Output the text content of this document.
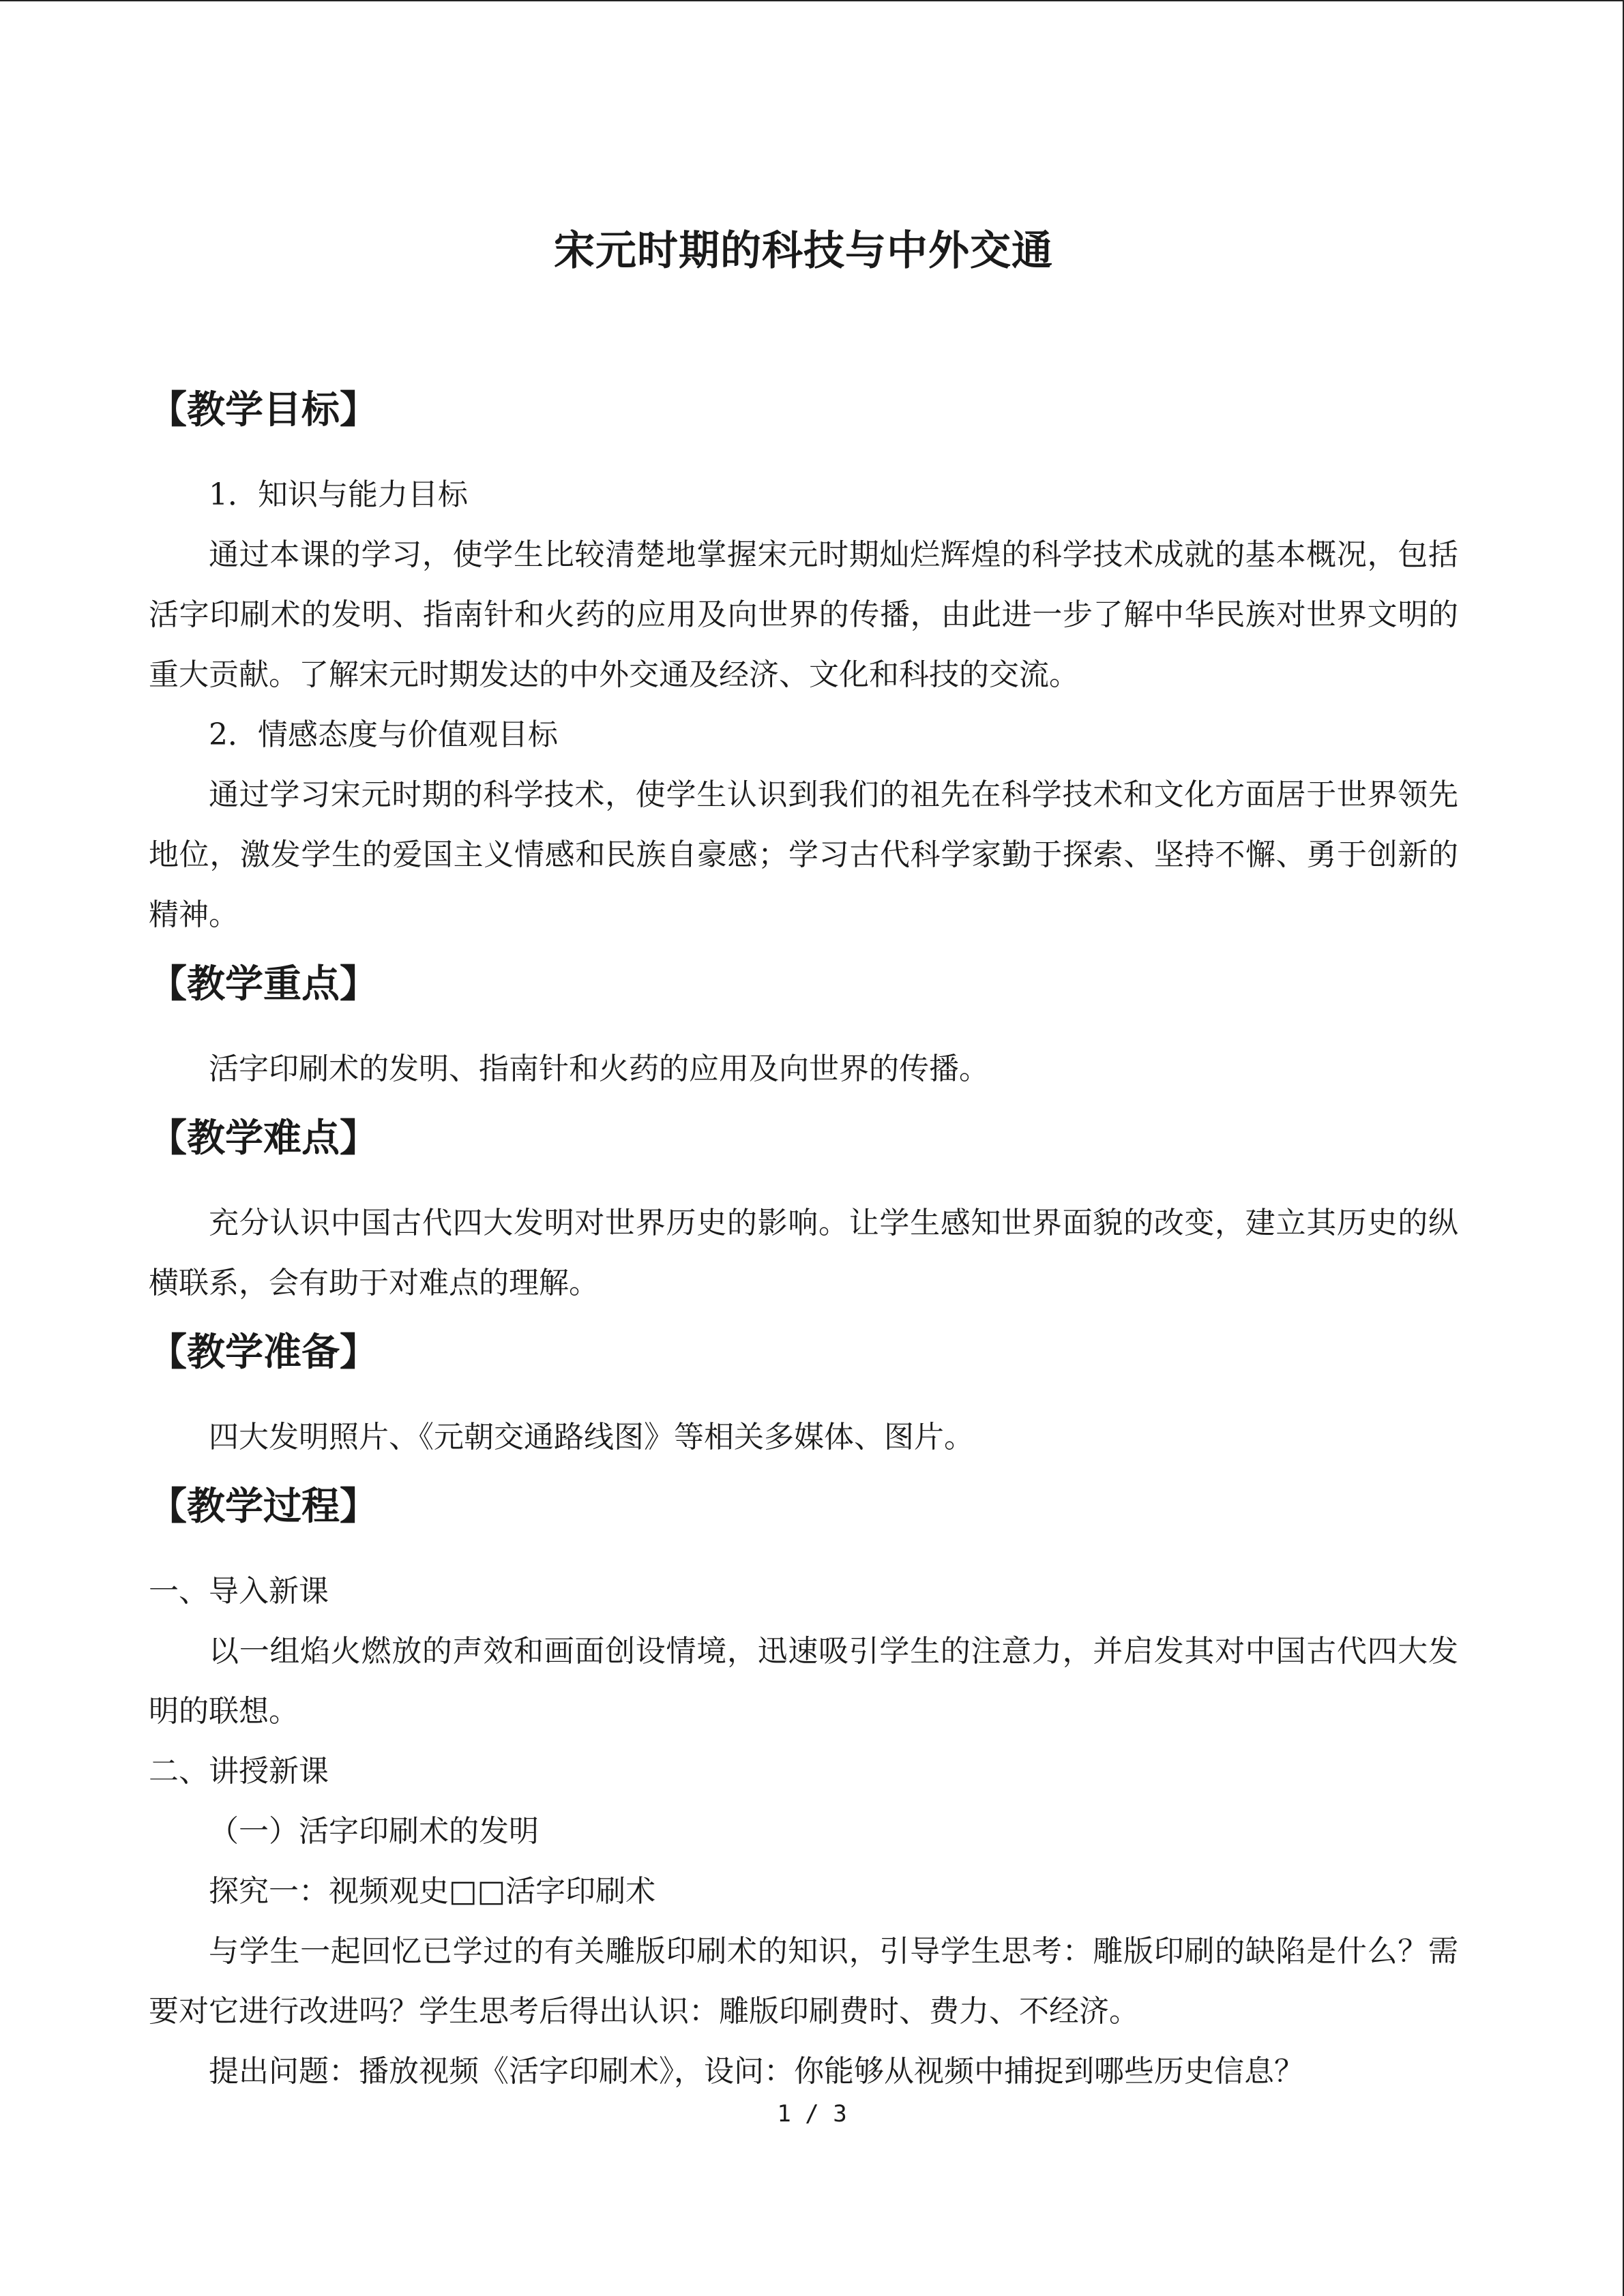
宋元时期的科技与中外交通
【教学目标】

1．知识与能力目标

通过本课的学习，使学生比较清楚地掌握宋元时期灿烂辉煌的科学技术成就的基本概况，包括活字印刷术的发明、指南针和火药的应用及向世界的传播，由此进一步了解中华民族对世界文明的重大贡献。了解宋元时期发达的中外交通及经济、文化和科技的交流。

2．情感态度与价值观目标

通过学习宋元时期的科学技术，使学生认识到我们的祖先在科学技术和文化方面居于世界领先地位，激发学生的爱国主义情感和民族自豪感；学习古代科学家勤于探索、坚持不懈、勇于创新的精神。

【教学重点】

活字印刷术的发明、指南针和火药的应用及向世界的传播。

【教学难点】

充分认识中国古代四大发明对世界历史的影响。让学生感知世界面貌的改变，建立其历史的纵横联系，会有助于对难点的理解。

【教学准备】

四大发明照片、《元朝交通路线图》等相关多媒体、图片。

【教学过程】

一、导入新课

以一组焰火燃放的声效和画面创设情境，迅速吸引学生的注意力，并启发其对中国古代四大发明的联想。

二、讲授新课

（一）活字印刷术的发明

探究一：视频观史□□活字印刷术

与学生一起回忆已学过的有关雕版印刷术的知识，引导学生思考：雕版印刷的缺陷是什么？需要对它进行改进吗？学生思考后得出认识：雕版印刷费时、费力、不经济。

提出问题：播放视频《活字印刷术》，设问：你能够从视频中捕捉到哪些历史信息？

1 / 3
